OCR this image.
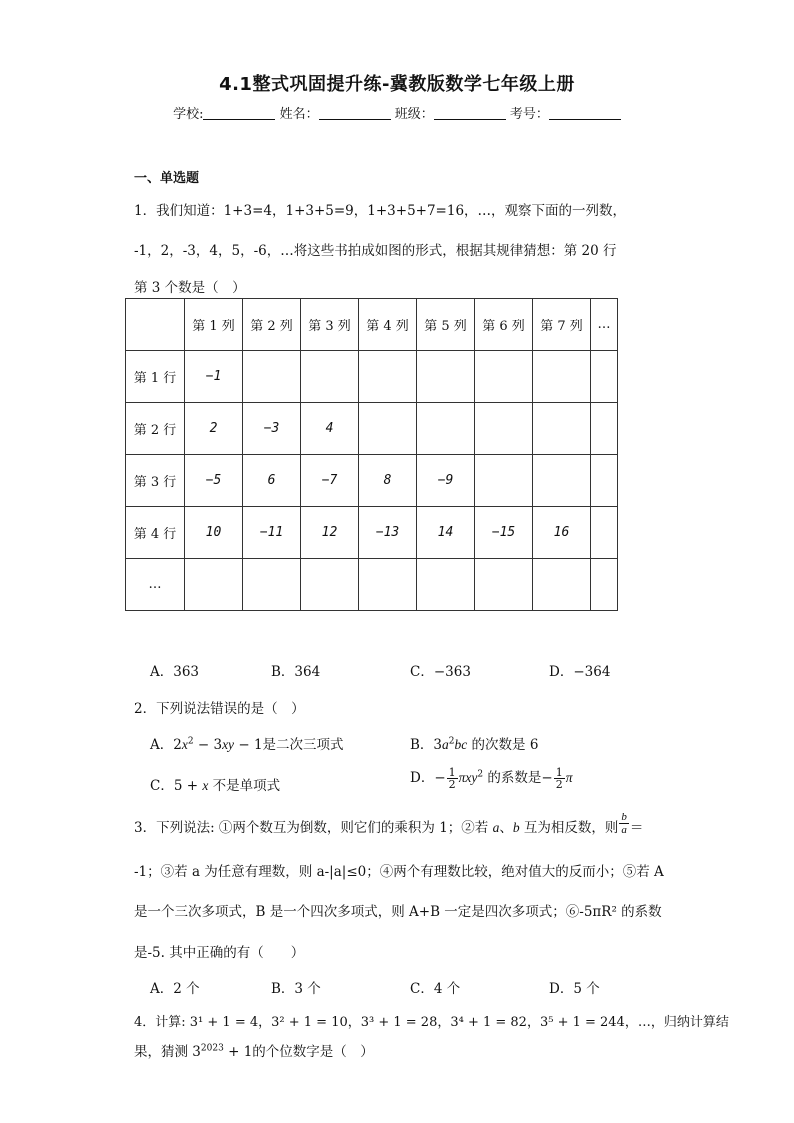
4.1整式巩固提升练-冀教版数学七年级上册
学校:	姓名：	班级：	考号：
一、单选题
1．我们知道：1+3=4，1+3+5=9，1+3+5+7=16，…，观察下面的一列数，
-1，2，-3，4，5，-6，…将这些书拍成如图的形式，根据其规律猜想：第 20 行
第 3 个数是（　）
	第 1 列	第 2 列	第 3 列	第 4 列	第 5 列	第 6 列	第 7 列	…
第 1 行	−1							
第 2 行	2	−3	4					
第 3 行	−5	6	−7	8	−9			
第 4 行	10	−11	12	−13	14	−15	16	
…								
A．363	B．364	C．−363	D．−364
2．下列说法错误的是（　）
A．$2x^2 - 3xy - 1$是二次三项式	B．$3a^2bc$ 的次数是 6
C．5 + x 不是单项式	D．− $\frac{1}{2} \pi xy^2$ 的系数是− $\frac{1}{2}$ π
3．下列说法: ①两个数互为倒数，则它们的乘积为 1；②若 a、b 互为相反数，则 $\frac{b}{a}$ ＝
-1；③若 a 为任意有理数，则 a-|a|≤0；④两个有理数比较，绝对值大的反而小；⑤若 A
是一个三次多项式，B 是一个四次多项式，则 A+B 一定是四次多项式；⑥-5πR² 的系数
是-5. 其中正确的有（　　）
A．2 个	B．3 个	C．4 个	D．5 个
4．计算: 3¹ + 1 = 4，3² + 1 = 10，3³ + 1 = 28，3⁴ + 1 = 82，3⁵ + 1 = 244，…，归纳计算结
果，猜测 $3^{2023} + 1$的个位数字是（　）
